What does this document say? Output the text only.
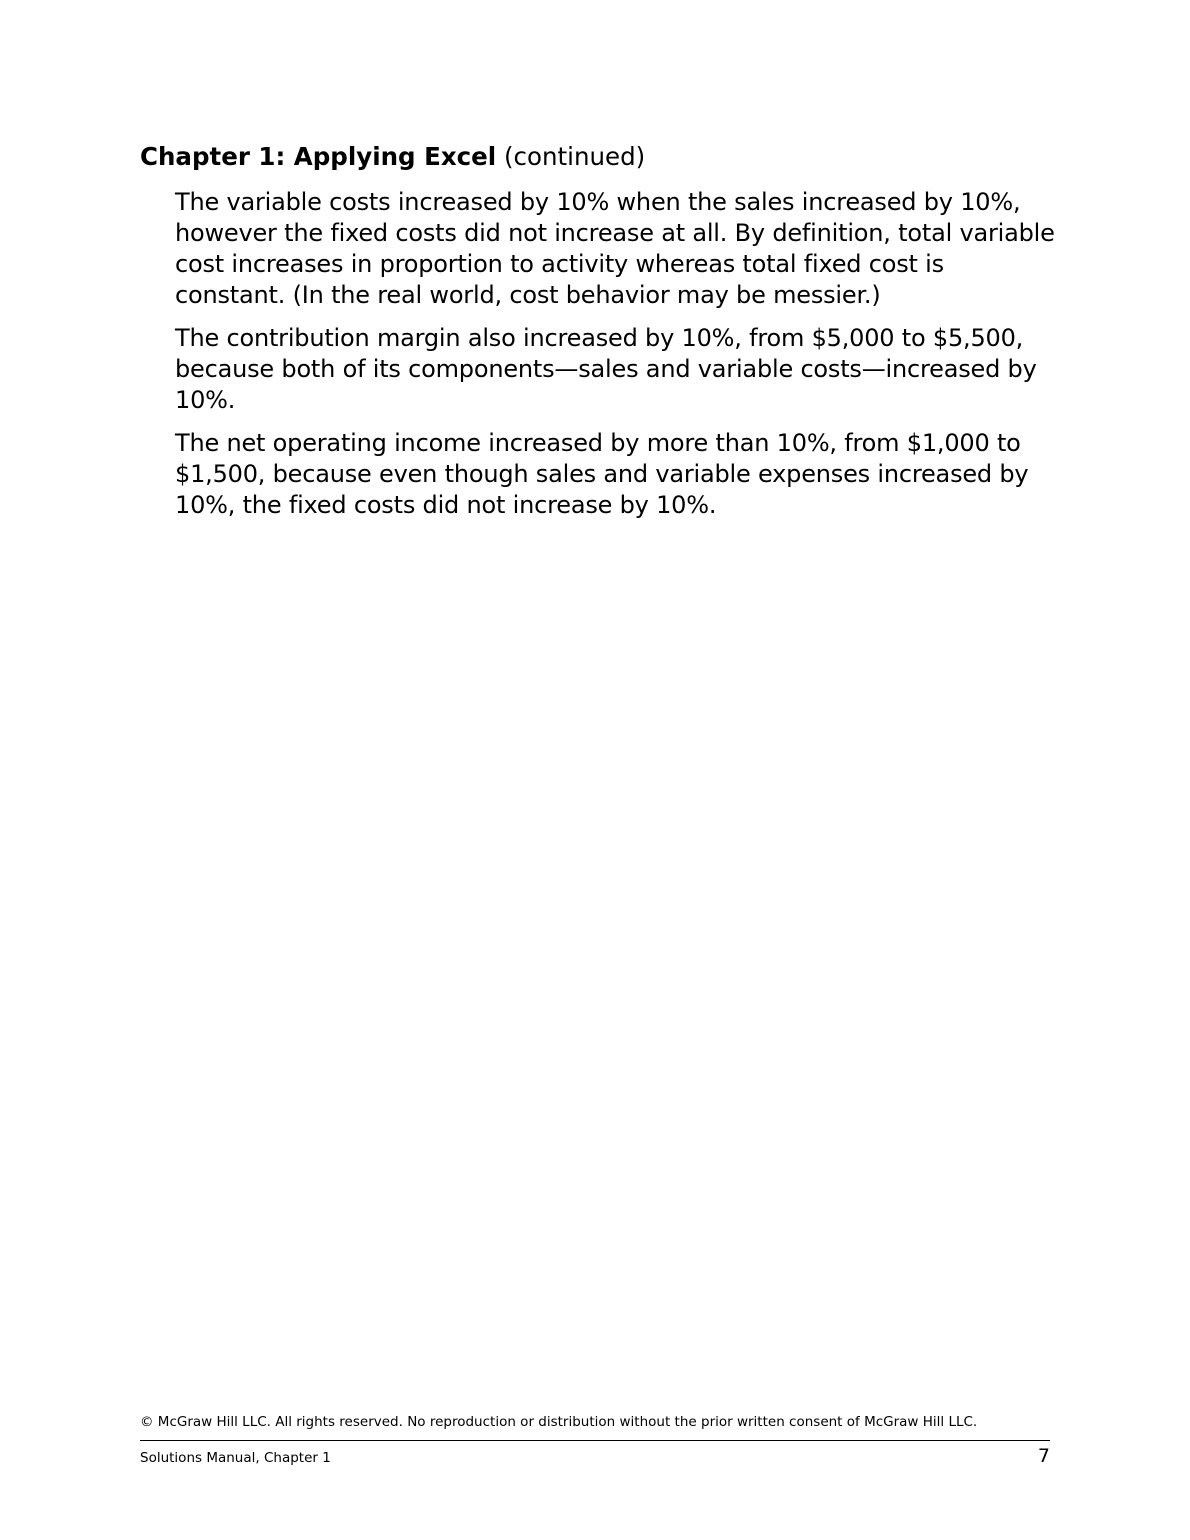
Chapter 1: Applying Excel (continued)

The variable costs increased by 10% when the sales increased by 10%, however the fixed costs did not increase at all. By definition, total variable cost increases in proportion to activity whereas total fixed cost is constant. (In the real world, cost behavior may be messier.)

The contribution margin also increased by 10%, from $5,000 to $5,500, because both of its components—sales and variable costs—increased by 10%.

The net operating income increased by more than 10%, from $1,000 to $1,500, because even though sales and variable expenses increased by 10%, the fixed costs did not increase by 10%.

© McGraw Hill LLC. All rights reserved. No reproduction or distribution without the prior written consent of McGraw Hill LLC.
Solutions Manual, Chapter 1	7
